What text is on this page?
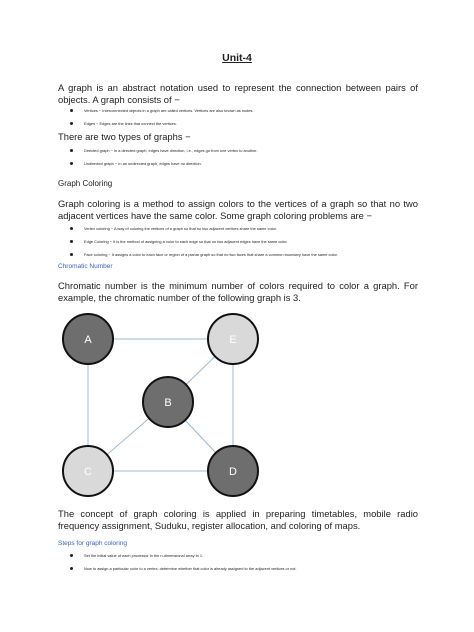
Unit-4
A graph is an abstract notation used to represent the connection between pairs of objects. A graph consists of −
Vertices − Interconnected objects in a graph are called vertices. Vertices are also known as nodes.
Edges − Edges are the links that connect the vertices.
There are two types of graphs −
Directed graph − In a directed graph, edges have direction, i.e., edges go from one vertex to another.
Undirected graph − In an undirected graph, edges have no direction.
Graph Coloring
Graph coloring is a method to assign colors to the vertices of a graph so that no two adjacent vertices have the same color. Some graph coloring problems are −
Vertex coloring − A way of coloring the vertices of a graph so that no two adjacent vertices share the same color.
Edge Coloring − It is the method of assigning a color to each edge so that no two adjacent edges have the same color.
Face coloring − It assigns a color to each face or region of a planar graph so that no two faces that share a common boundary have the same color.
Chromatic Number
Chromatic number is the minimum number of colors required to color a graph. For example, the chromatic number of the following graph is 3.
A	E
B
C	D
The concept of graph coloring is applied in preparing timetables, mobile radio frequency assignment, Suduku, register allocation, and coloring of maps.
Steps for graph coloring
Set the initial value of each processor in the n-dimensional array to 1.
Now to assign a particular color to a vertex, determine whether that color is already assigned to the adjacent vertices or not.
